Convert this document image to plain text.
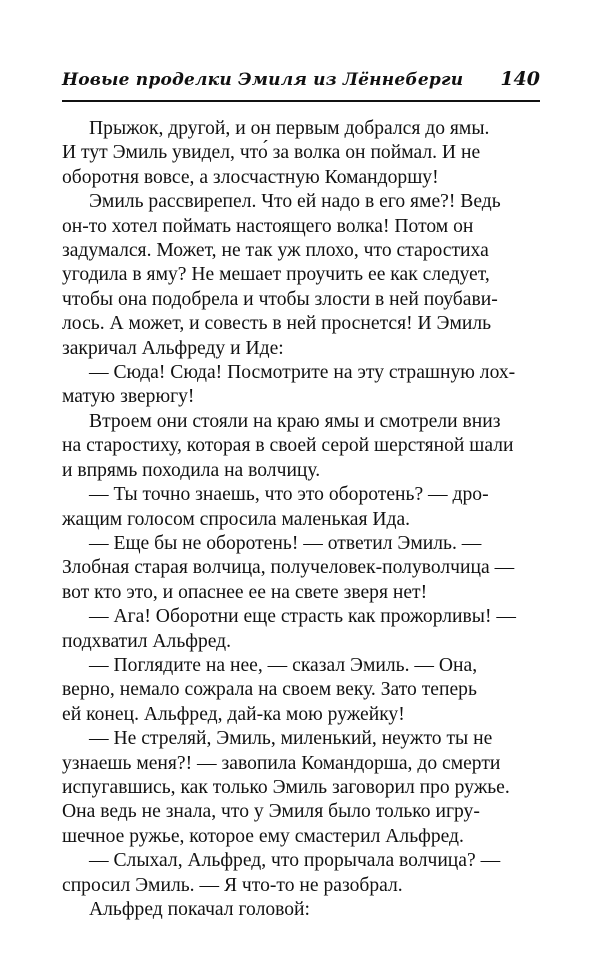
Новые проделки Эмиля из Лённеберги 140

Прыжок, другой, и он первым добрался до ямы.

И тут Эмиль увидел, что́ за волка он поймал. И не

оборотня вовсе, а злосчастную Командоршу!

Эмиль рассвирепел. Что ей надо в его яме?! Ведь

он-то хотел поймать настоящего волка! Потом он

задумался. Может, не так уж плохо, что старостиха

угодила в яму? Не мешает проучить ее как следует,

чтобы она подобрела и чтобы злости в ней поубави-

лось. А может, и совесть в ней проснется! И Эмиль

закричал Альфреду и Иде:

— Сюда! Сюда! Посмотрите на эту страшную лох-

матую зверюгу!

Втроем они стояли на краю ямы и смотрели вниз

на старостиху, которая в своей серой шерстяной шали

и впрямь походила на волчицу.

— Ты точно знаешь, что это оборотень? — дро-

жащим голосом спросила маленькая Ида.

— Еще бы не оборотень! — ответил Эмиль. —

Злобная старая волчица, получеловек-полуволчица —

вот кто это, и опаснее ее на свете зверя нет!

— Ага! Оборотни еще страсть как прожорливы! —

подхватил Альфред.

— Поглядите на нее, — сказал Эмиль. — Она,

верно, немало сожрала на своем веку. Зато теперь

ей конец. Альфред, дай-ка мою ружейку!

— Не стреляй, Эмиль, миленький, неужто ты не

узнаешь меня?! — завопила Командорша, до смерти

испугавшись, как только Эмиль заговорил про ружье.

Она ведь не знала, что у Эмиля было только игру-

шечное ружье, которое ему смастерил Альфред.

— Слыхал, Альфред, что прорычала волчица? —

спросил Эмиль. — Я что-то не разобрал.

Альфред покачал головой:
